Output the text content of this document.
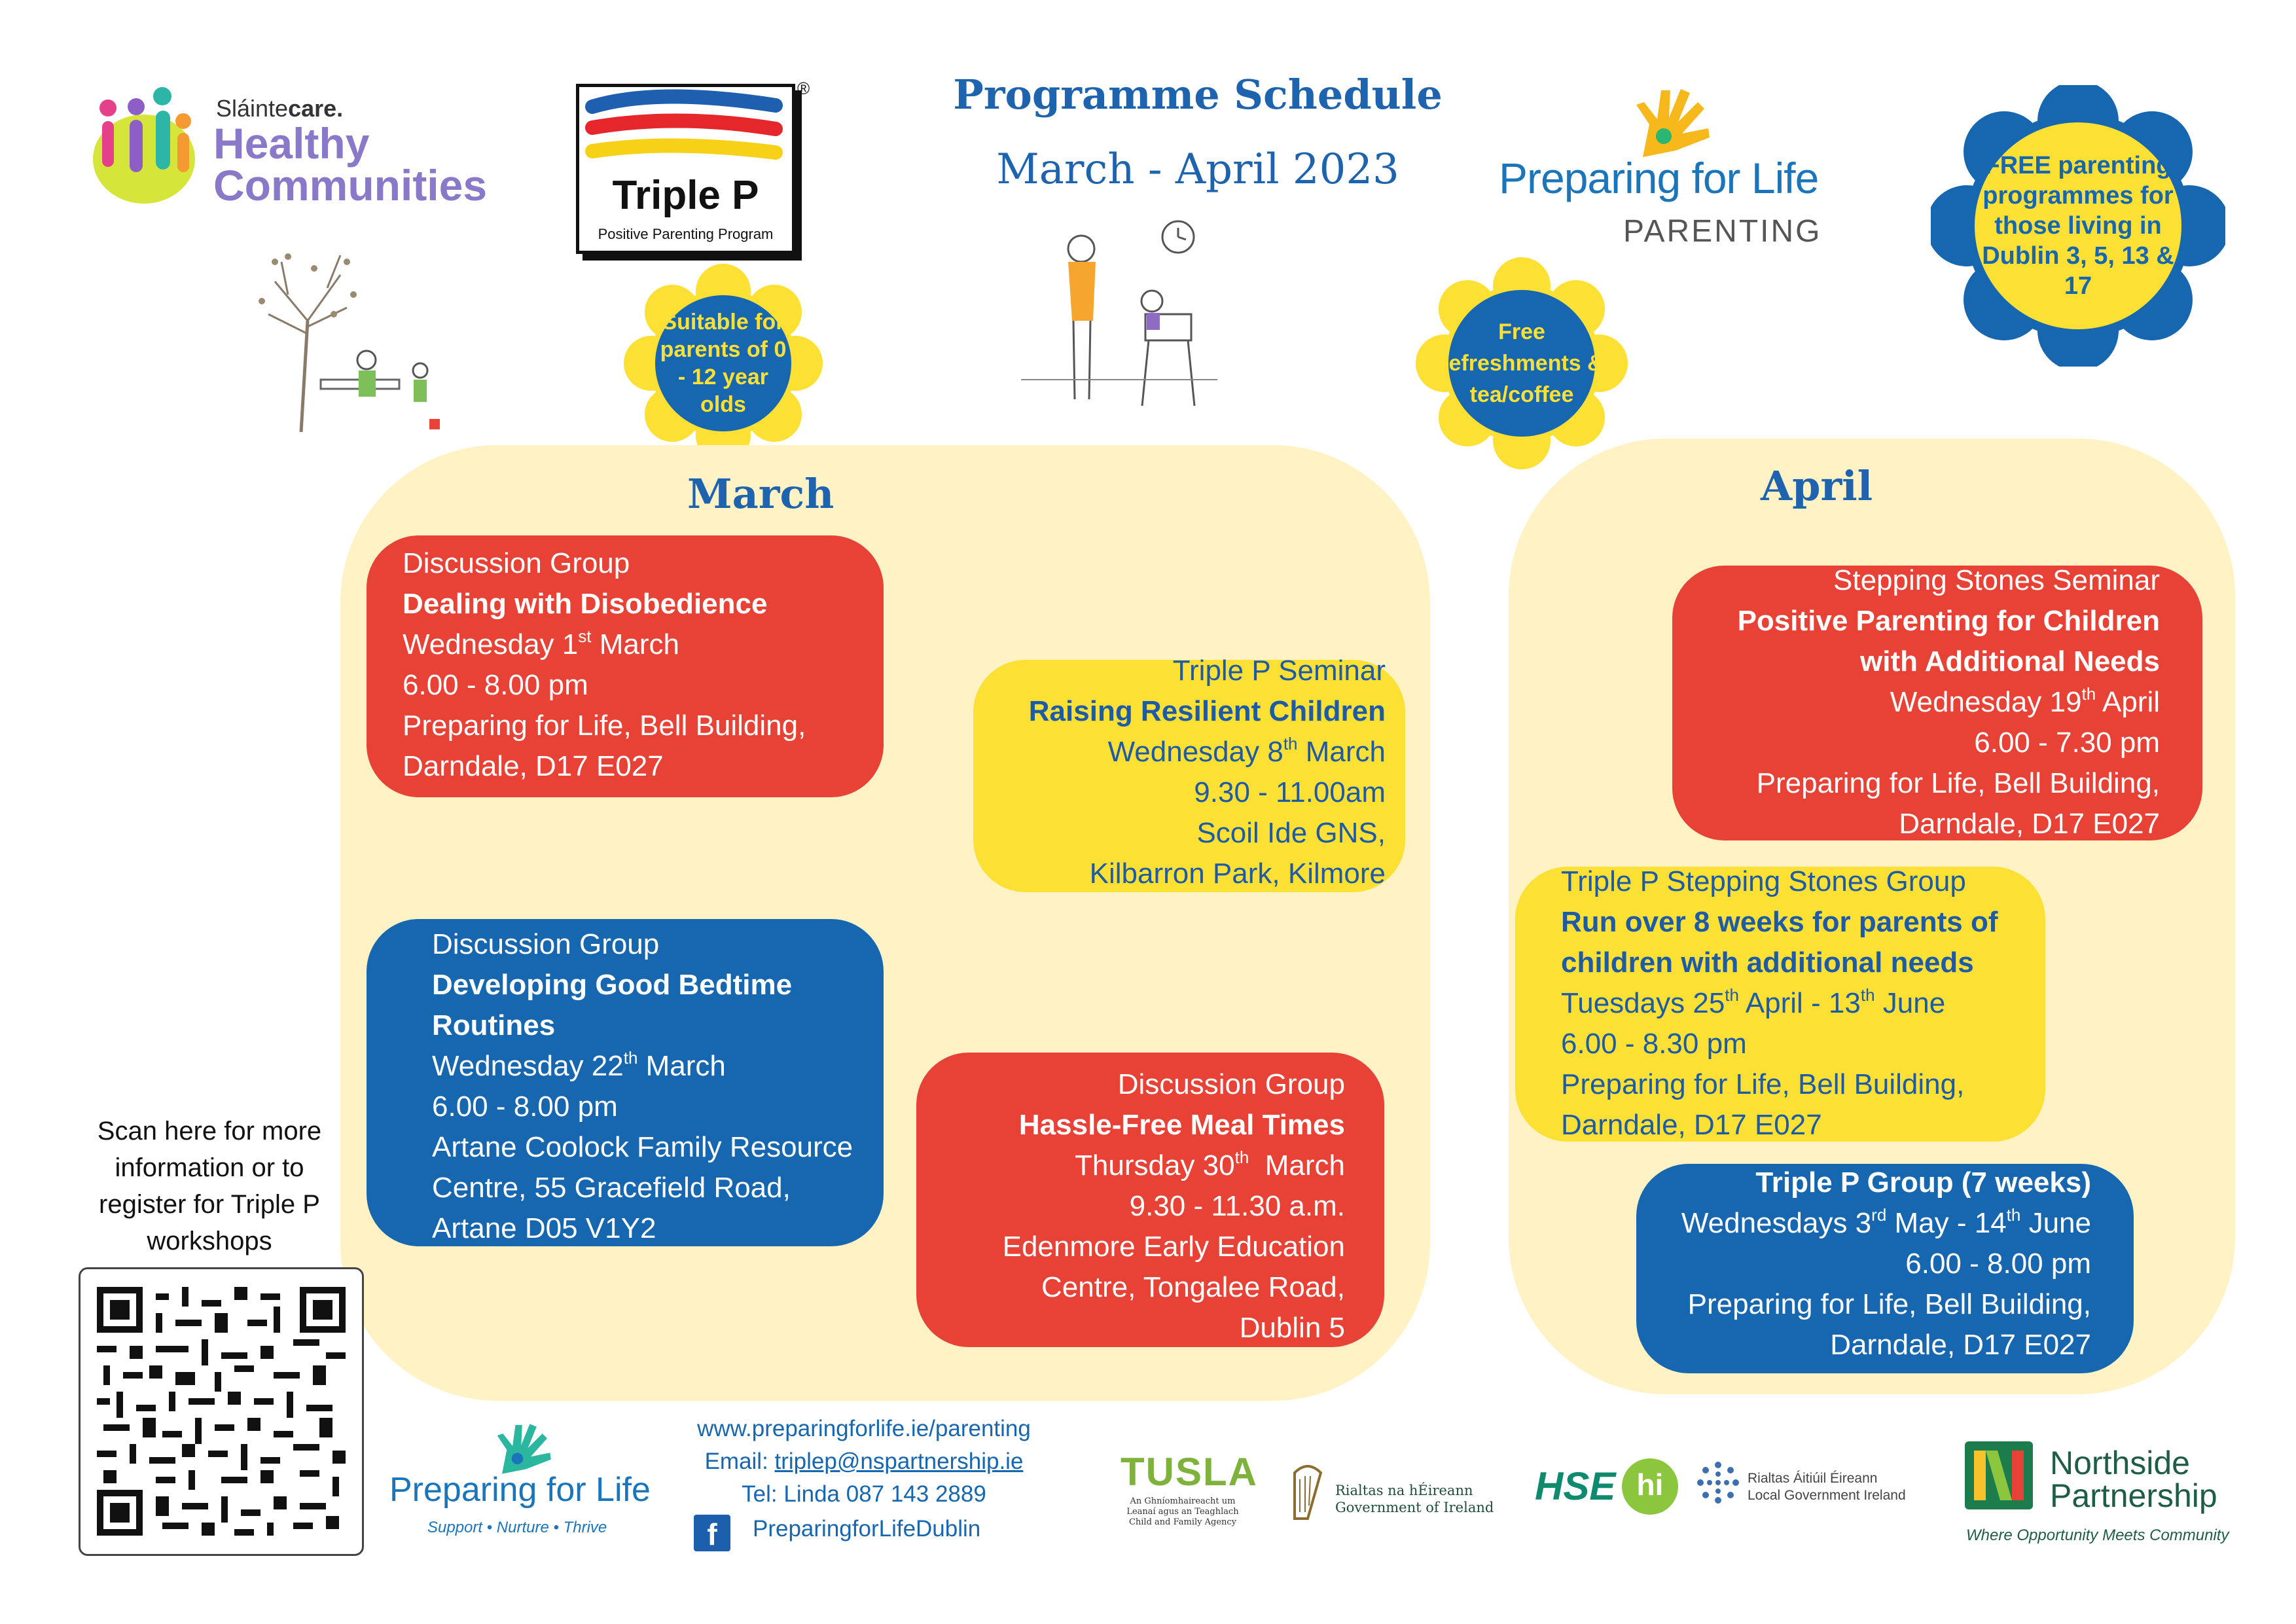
Programme Schedule
March - April 2023
Sláintecare.
Healthy
Communities	Triple P
Positive Parenting Program
®
Preparing for Life
PARENTING
Suitable for parents of 0 - 12 year olds
Free refreshments & tea/coffee
FREE parenting programmes for those living in Dublin 3, 5, 13 & 17
March	April
Discussion Group
Dealing with Disobedience
Wednesday 1st March
6.00 - 8.00 pm
Preparing for Life, Bell Building,
Darndale, D17 E027
Triple P Seminar
Raising Resilient Children
Wednesday 8th March
9.30 - 11.00am
Scoil Ide GNS,
Kilbarron Park, Kilmore
Discussion Group
Developing Good Bedtime
Routines
Wednesday 22th March
6.00 - 8.00 pm
Artane Coolock Family Resource
Centre, 55 Gracefield Road,
Artane D05 V1Y2
Discussion Group
Hassle-Free Meal Times
Thursday 30th  March
9.30 - 11.30 a.m.
Edenmore Early Education
Centre, Tongalee Road,
Dublin 5
Stepping Stones Seminar
Positive Parenting for Children
with Additional Needs
Wednesday 19th April
6.00 - 7.30 pm
Preparing for Life, Bell Building,
Darndale, D17 E027
Triple P Stepping Stones Group
Run over 8 weeks for parents of
children with additional needs
Tuesdays 25th April - 13th June
6.00 - 8.30 pm
Preparing for Life, Bell Building,
Darndale, D17 E027
Triple P Group (7 weeks)
Wednesdays 3rd May - 14th June
6.00 - 8.00 pm
Preparing for Life, Bell Building,
Darndale, D17 E027
Scan here for more information or to register for Triple P workshops
Preparing for Life
Support • Nurture • Thrive
www.preparingforlife.ie/parenting
Email: triplep@nspartnership.ie
Tel: Linda 087 143 2889
f	PreparingforLifeDublin
TUSLA
An Ghníomhaireacht um Leanaí agus an Teaghlach Child and Family Agency
Rialtas na hÉireann
Government of Ireland HSE hi	Rialtas Áitiúil Éireann
Local Government Ireland
Northside
Partnership
Where Opportunity Meets Community
